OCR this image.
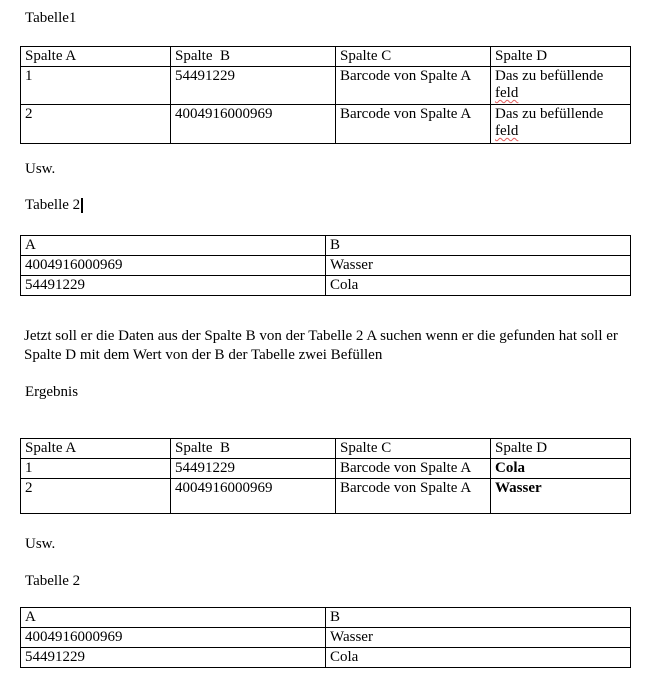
Tabelle1
Spalte A	Spalte  B	Spalte C	Spalte D
1	54491229	Barcode von Spalte A	Das zu befüllende
feld
2	4004916000969	Barcode von Spalte A	Das zu befüllende
feld
Usw.
Tabelle 2
A	B
4004916000969	Wasser
54491229	Cola
Jetzt soll er die Daten aus der Spalte B von der Tabelle 2 A suchen wenn er die gefunden hat soll er Spalte D mit dem Wert von der B der Tabelle zwei Befüllen
Ergebnis
Spalte A	Spalte  B	Spalte C	Spalte D
1	54491229	Barcode von Spalte A	Cola
2	4004916000969	Barcode von Spalte A	Wasser
Usw.
Tabelle 2
A	B
4004916000969	Wasser
54491229	Cola
